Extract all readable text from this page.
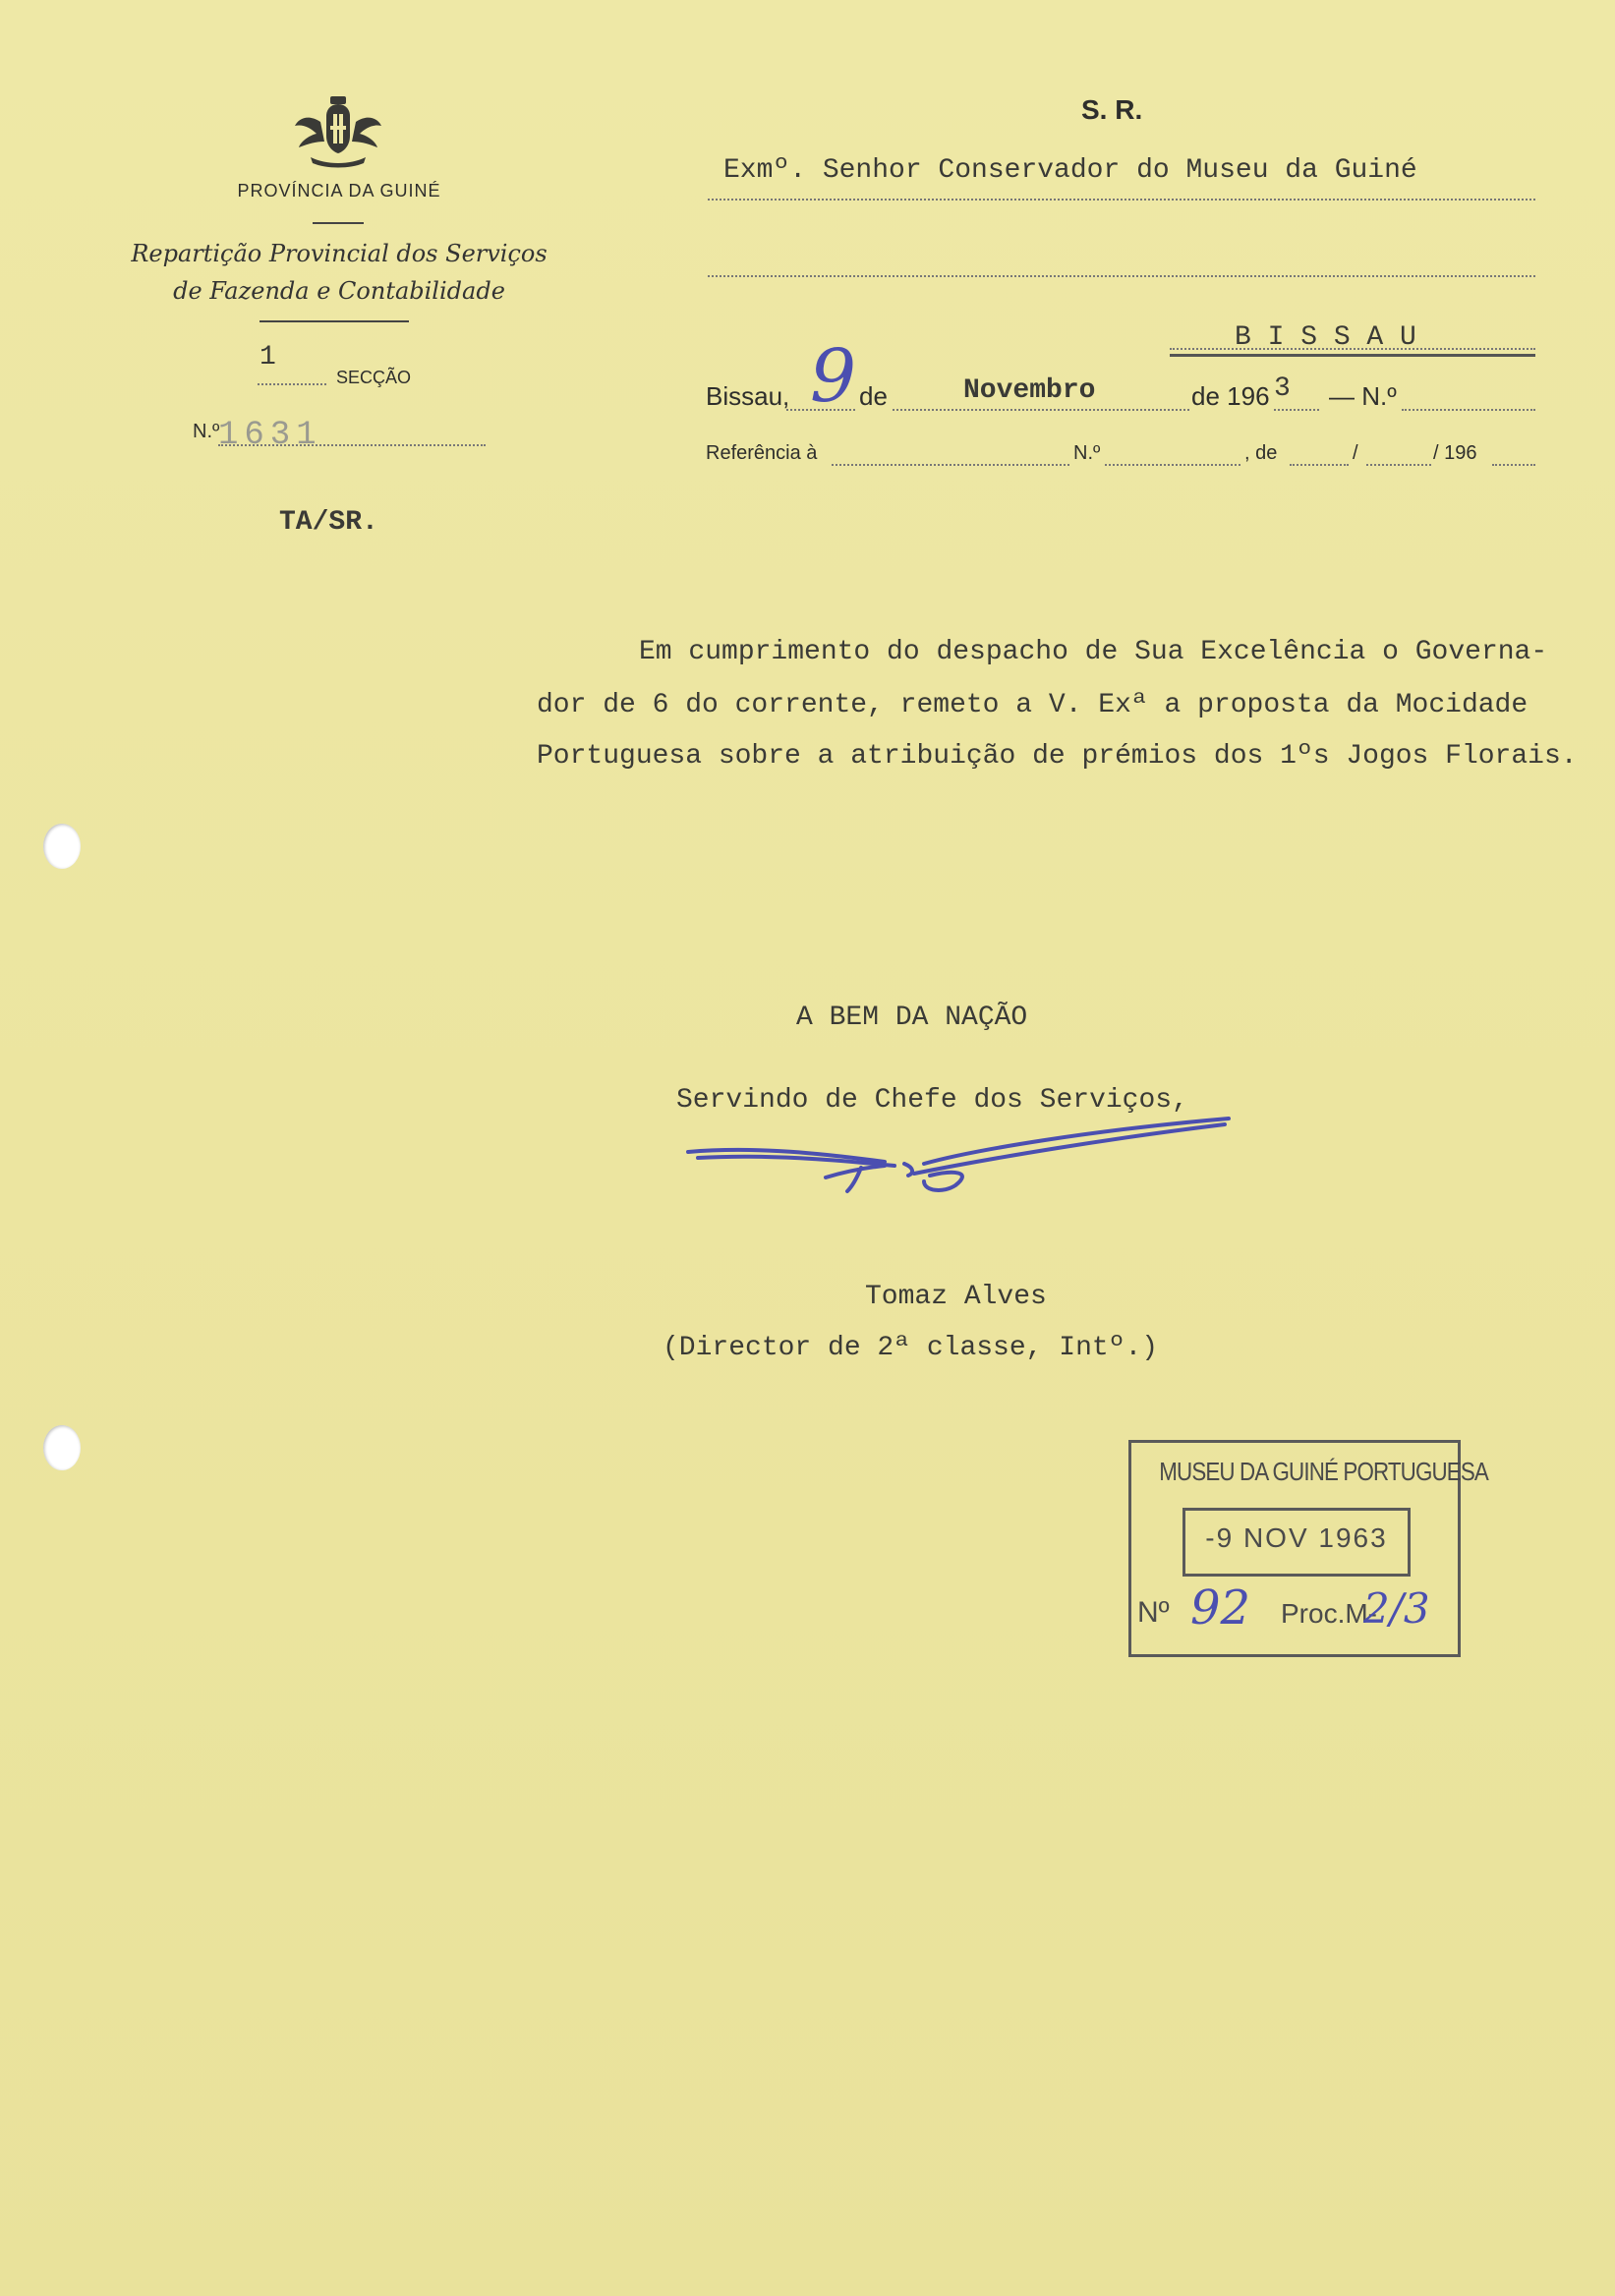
PROVÍNCIA DA GUINÉ
Repartição Provincial dos Serviços
de Fazenda e Contabilidade
1
SECÇÃO
N.º
1631
TA/SR.
S. R.
Exmº. Senhor Conservador do Museu da Guiné
B I S S A U
Bissau, 9 de	Novembro	de 196 3 — N.º
Referência à	N.º	, de	/	/ 196
Em cumprimento do despacho de Sua Excelência o Governa-
dor de 6 do corrente, remeto a V. Exª a proposta da Mocidade
Portuguesa sobre a atribuição de prémios dos 1ºs Jogos Florais.
A BEM DA NAÇÃO
Servindo de Chefe dos Serviços,
Tomaz Alves
(Director de 2ª classe, Intº.)
MUSEU DA GUINÉ PORTUGUESA
-9 NOV 1963
Nº 92 Proc.M-
2/3
